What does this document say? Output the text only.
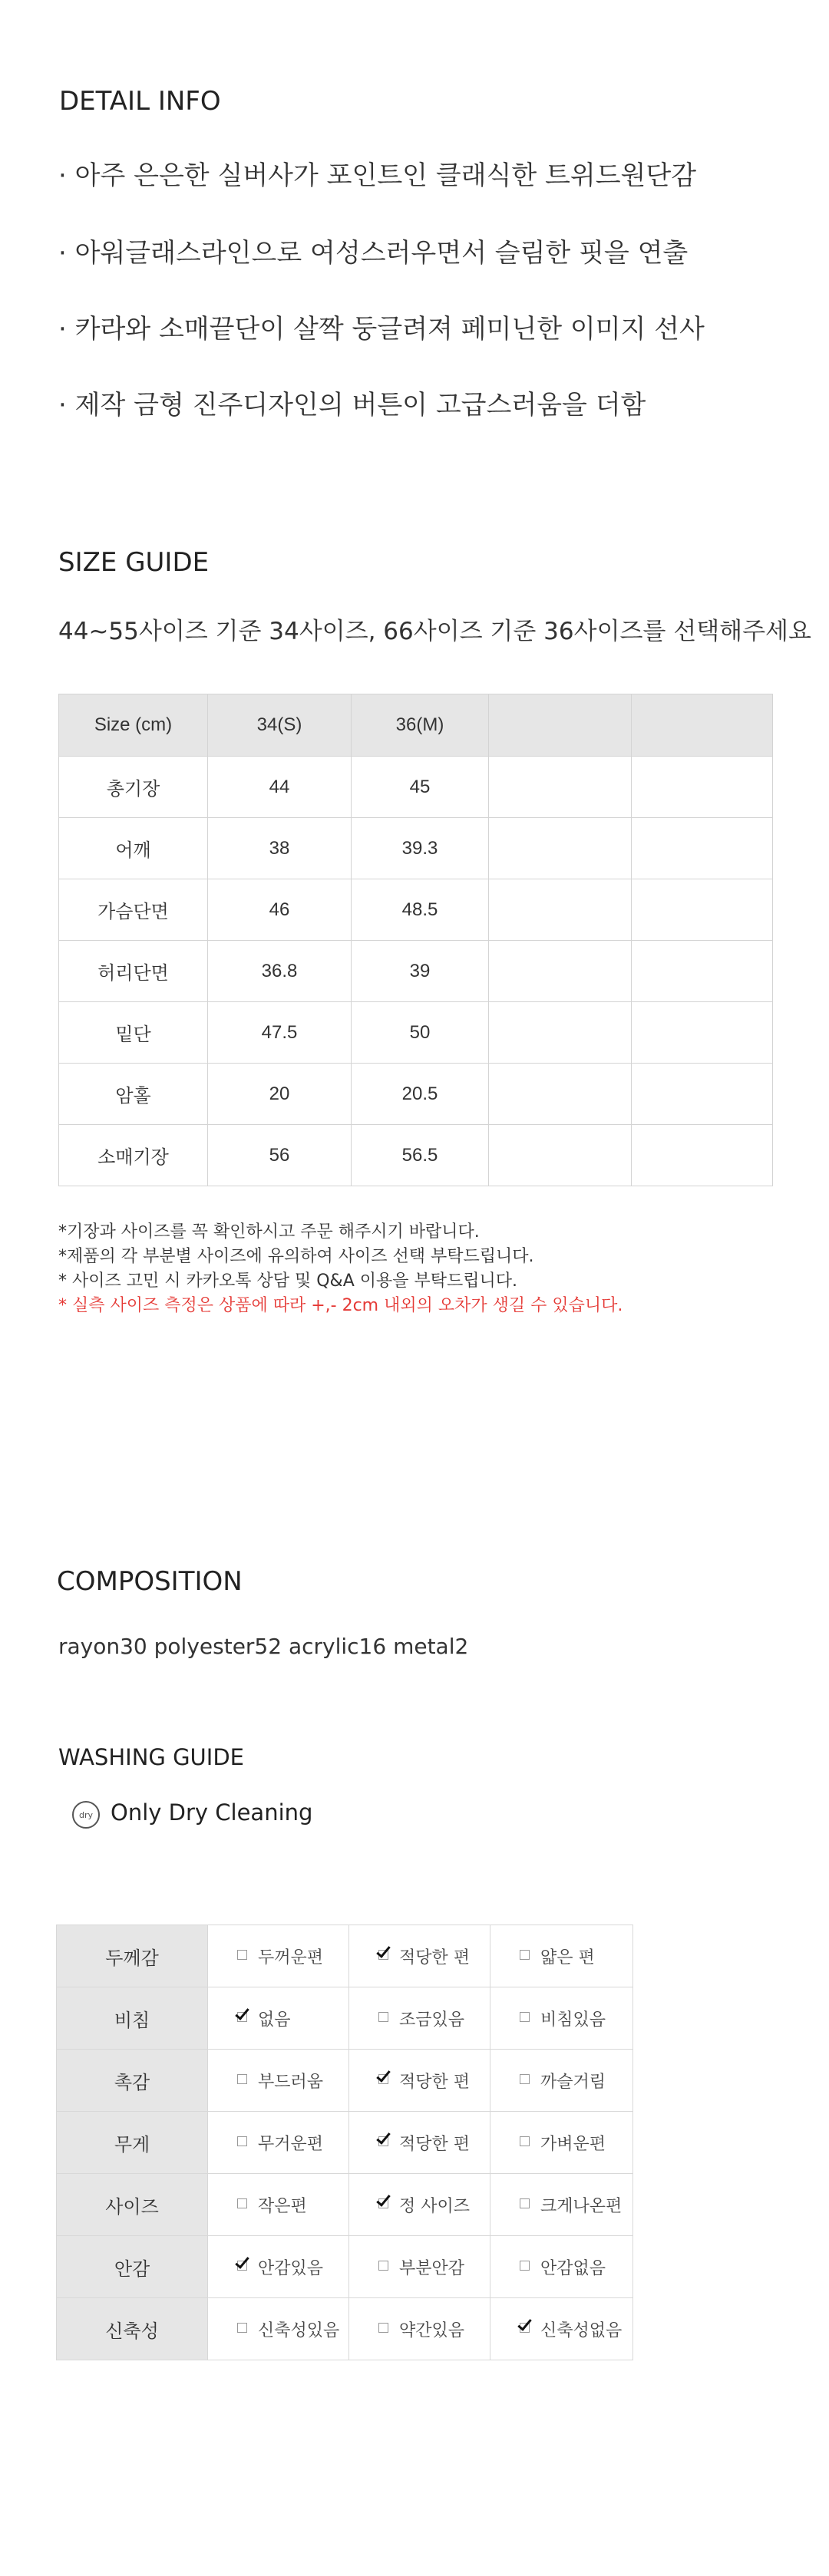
DETAIL INFO
· 아주 은은한 실버사가 포인트인 클래식한 트위드원단감
· 아워글래스라인으로 여성스러우면서 슬림한 핏을 연출
· 카라와 소매끝단이 살짝 둥글려져 페미닌한 이미지 선사
· 제작 금형 진주디자인의 버튼이 고급스러움을 더함
SIZE GUIDE
44~55사이즈 기준 34사이즈, 66사이즈 기준 36사이즈를 선택해주세요
Size (cm)	34(S)	36(M)		
총기장	44	45		
어깨	38	39.3		
가슴단면	46	48.5		
허리단면	36.8	39		
밑단	47.5	50		
암홀	20	20.5		
소매기장	56	56.5		
*기장과 사이즈를 꼭 확인하시고 주문 해주시기 바랍니다.
*제품의 각 부분별 사이즈에 유의하여 사이즈 선택 부탁드립니다.
* 사이즈 고민 시 카카오톡 상담 및 Q&A 이용을 부탁드립니다.
* 실측 사이즈 측정은 상품에 따라 +,- 2cm 내외의 오차가 생길 수 있습니다.
COMPOSITION
rayon30 polyester52 acrylic16 metal2
WASHING GUIDE
dry Only Dry Cleaning
두께감	두꺼운편	적당한 편	얇은 편
비침	없음	조금있음	비침있음
촉감	부드러움	적당한 편	까슬거림
무게	무거운편	적당한 편	가벼운편
사이즈	작은편	정 사이즈	크게나온편
안감	안감있음	부분안감	안감없음
신축성	신축성있음	약간있음	신축성없음
